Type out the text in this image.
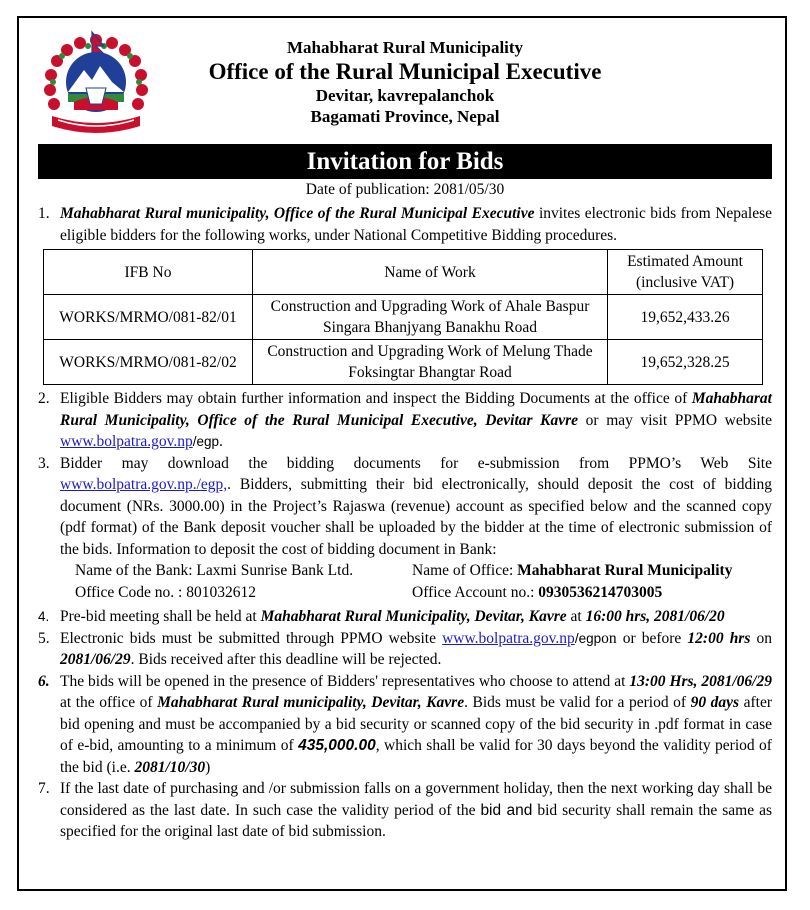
Mahabharat Rural Municipality
Office of the Rural Municipal Executive
Devitar, kavrepalanchok
Bagamati Province, Nepal
Invitation for Bids
Date of publication: 2081/05/30
1. Mahabharat Rural municipality, Office of the Rural Municipal Executive invites electronic bids from Nepalese eligible bidders for the following works, under National Competitive Bidding procedures.
IFB No	Name of Work	Estimated Amount (inclusive VAT)
WORKS/MRMO/081-82/01	Construction and Upgrading Work of Ahale Baspur Singara Bhanjyang Banakhu Road	19,652,433.26
WORKS/MRMO/081-82/02	Construction and Upgrading Work of Melung Thade Foksingtar Bhangtar Road	19,652,328.25
2. Eligible Bidders may obtain further information and inspect the Bidding Documents at the office of Mahabharat Rural Municipality, Office of the Rural Municipal Executive, Devitar Kavre or may visit PPMO website www.bolpatra.gov.np/egp.
3. Bidder may download the bidding documents for e-submission from PPMO’s Web Site www.bolpatra.gov.np./egp,. Bidders, submitting their bid electronically, should deposit the cost of bidding document (NRs. 3000.00) in the Project’s Rajaswa (revenue) account as specified below and the scanned copy (pdf format) of the Bank deposit voucher shall be uploaded by the bidder at the time of electronic submission of the bids. Information to deposit the cost of bidding document in Bank:
Name of the Bank: Laxmi Sunrise Bank Ltd.	Name of Office: Mahabharat Rural Municipality
Office Code no. : 801032612	Office Account no.: 0930536214703005
4. Pre-bid meeting shall be held at Mahabharat Rural Municipality, Devitar, Kavre at 16:00 hrs, 2081/06/20
5. Electronic bids must be submitted through PPMO website www.bolpatra.gov.np/egpon or before 12:00 hrs on 2081/06/29. Bids received after this deadline will be rejected.
6. The bids will be opened in the presence of Bidders' representatives who choose to attend at 13:00 Hrs, 2081/06/29 at the office of Mahabharat Rural municipality, Devitar, Kavre. Bids must be valid for a period of 90 days after bid opening and must be accompanied by a bid security or scanned copy of the bid security in .pdf format in case of e-bid, amounting to a minimum of 435,000.00, which shall be valid for 30 days beyond the validity period of the bid (i.e. 2081/10/30)
7. If the last date of purchasing and /or submission falls on a government holiday, then the next working day shall be considered as the last date. In such case the validity period of the bid and bid security shall remain the same as specified for the original last date of bid submission.
